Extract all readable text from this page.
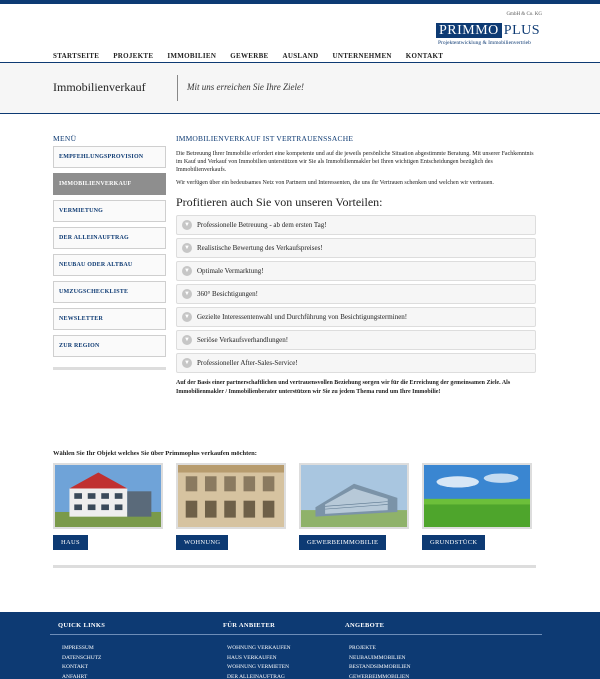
GmbH & Co. KG
PRIMMO PLUS
Projektentwicklung & Immobilienvertrieb
STARTSEITE PROJEKTE IMMOBILIEN GEWERBE AUSLAND UNTERNEHMEN KONTAKT
Immobilienverkauf	Mit uns erreichen Sie Ihre Ziele!
MENÜ
EMPFEHLUNGSPROVISION
IMMOBILIENVERKAUF
VERMIETUNG
DER ALLEINAUFTRAG
NEUBAU ODER ALTBAU
UMZUGSCHECKLISTE
NEWSLETTER
ZUR REGION
IMMOBILIENVERKAUF IST VERTRAUENSSACHE

Die Betreuung Ihrer Immobilie erfordert eine kompetente und auf die jeweils persönliche Situation abgestimmte Beratung. Mit unserer Fachkenntnis im Kauf und Verkauf von Immobilien unterstützen wir Sie als Immobilienmakler bei Ihren wichtigen Entscheidungen bezüglich des Immobilienverkaufs.

Wir verfügen über ein bedeutsames Netz von Partnern und Interessenten, die uns ihr Vertrauen schenken und welchen wir vertrauen.

Profitieren auch Sie von unseren Vorteilen:
▼ Professionelle Betreuung - ab dem ersten Tag!
▼ Realistische Bewertung des Verkaufspreises!
▼ Optimale Vermarktung!
▼ 360° Besichtigungen!
▼ Gezielte Interessentenwahl und Durchführung von Besichtigungsterminen!
▼ Seriöse Verkaufsverhandlungen!
▼ Professioneller After-Sales-Service!

Auf der Basis einer partnerschaftlichen und vertrauensvollen Beziehung sorgen wir für die Erreichung der gemeinsamen Ziele. Als Immobilienmakler / Immobilienberater unterstützen wir Sie zu jedem Thema rund um Ihre Immobilie!

Wählen Sie Ihr Objekt welches Sie über Primmoplus verkaufen möchten:
HAUS	WOHNUNG	GEWERBEIMMOBILIE	GRUNDSTÜCK
QUICK LINKS
IMPRESSUM
DATENSCHUTZ
KONTAKT
ANFAHRT
FÜR ANBIETER
WOHNUNG VERKAUFEN
HAUS VERKAUFEN
WOHNUNG VERMIETEN
DER ALLEINAUFTRAG
ANGEBOTE
PROJEKTE
NEUBAUIMMOBILIEN
BESTANDSIMMOBILIEN
GEWERBEIMMOBILIEN
